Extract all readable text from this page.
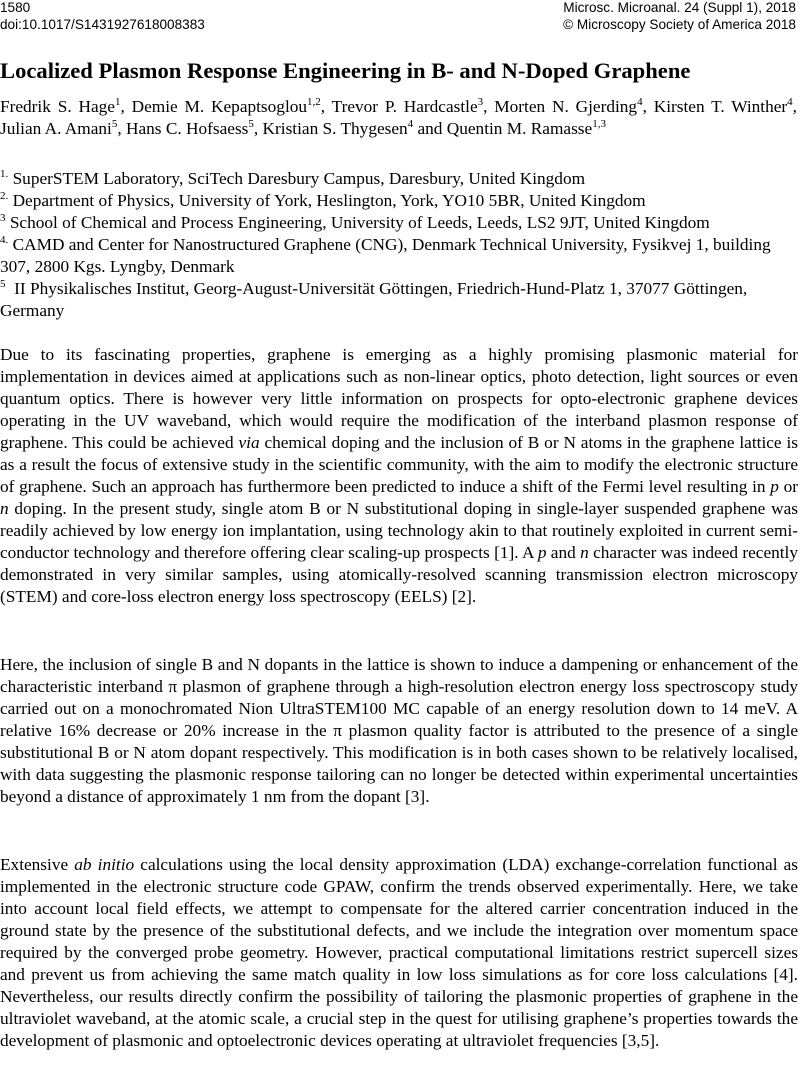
1580
doi:10.1017/S1431927618008383
Microsc. Microanal. 24 (Suppl 1), 2018
© Microscopy Society of America 2018
Localized Plasmon Response Engineering in B- and N-Doped Graphene
Fredrik S. Hage$^1$, Demie M. Kepaptsoglou$^{1,2}$, Trevor P. Hardcastle$^3$, Morten N. Gjerding$^4$, Kirsten T. Winther$^4$, Julian A. Amani$^5$, Hans C. Hofsaess$^5$, Kristian S. Thygesen$^4$ and Quentin M. Ramasse$^{1,3}$

$^{1.}$ SuperSTEM Laboratory, SciTech Daresbury Campus, Daresbury, United Kingdom

$^{2.}$ Department of Physics, University of York, Heslington, York, YO10 5BR, United Kingdom

$^3$ School of Chemical and Process Engineering, University of Leeds, Leeds, LS2 9JT, United Kingdom

$^{4.}$ CAMD and Center for Nanostructured Graphene (CNG), Denmark Technical University, Fysikvej 1, building 307, 2800 Kgs. Lyngby, Denmark

$^5$  II Physikalisches Institut, Georg-August-Universität Göttingen, Friedrich-Hund-Platz 1, 37077 Göttingen, Germany

Due to its fascinating properties, graphene is emerging as a highly promising plasmonic material for implementation in devices aimed at applications such as non-linear optics, photo detection, light sources or even quantum optics. There is however very little information on prospects for opto-electronic graphene devices operating in the UV waveband, which would require the modification of the interband plasmon response of graphene. This could be achieved via chemical doping and the inclusion of B or N atoms in the graphene lattice is as a result the focus of extensive study in the scientific community, with the aim to modify the electronic structure of graphene. Such an approach has furthermore been predicted to induce a shift of the Fermi level resulting in p or n doping. In the present study, single atom B or N substitutional doping in single-layer suspended graphene was readily achieved by low energy ion implantation, using technology akin to that routinely exploited in current semi-conductor technology and therefore offering clear scaling-up prospects [1]. A p and n character was indeed recently demonstrated in very similar samples, using atomically-resolved scanning transmission electron microscopy (STEM) and core-loss electron energy loss spectroscopy (EELS) [2].

Here, the inclusion of single B and N dopants in the lattice is shown to induce a dampening or enhancement of the characteristic interband π plasmon of graphene through a high-resolution electron energy loss spectroscopy study carried out on a monochromated Nion UltraSTEM100 MC capable of an energy resolution down to 14 meV. A relative 16% decrease or 20% increase in the π plasmon quality factor is attributed to the presence of a single substitutional B or N atom dopant respectively. This modification is in both cases shown to be relatively localised, with data suggesting the plasmonic response tailoring can no longer be detected within experimental uncertainties beyond a distance of approximately 1 nm from the dopant [3].

Extensive ab initio calculations using the local density approximation (LDA) exchange-correlation functional as implemented in the electronic structure code GPAW, confirm the trends observed experimentally. Here, we take into account local field effects, we attempt to compensate for the altered carrier concentration induced in the ground state by the presence of the substitutional defects, and we include the integration over momentum space required by the converged probe geometry. However, practical computational limitations restrict supercell sizes and prevent us from achieving the same match quality in low loss simulations as for core loss calculations [4]. Nevertheless, our results directly confirm the possibility of tailoring the plasmonic properties of graphene in the ultraviolet waveband, at the atomic scale, a crucial step in the quest for utilising graphene’s properties towards the development of plasmonic and optoelectronic devices operating at ultraviolet frequencies [3,5].
